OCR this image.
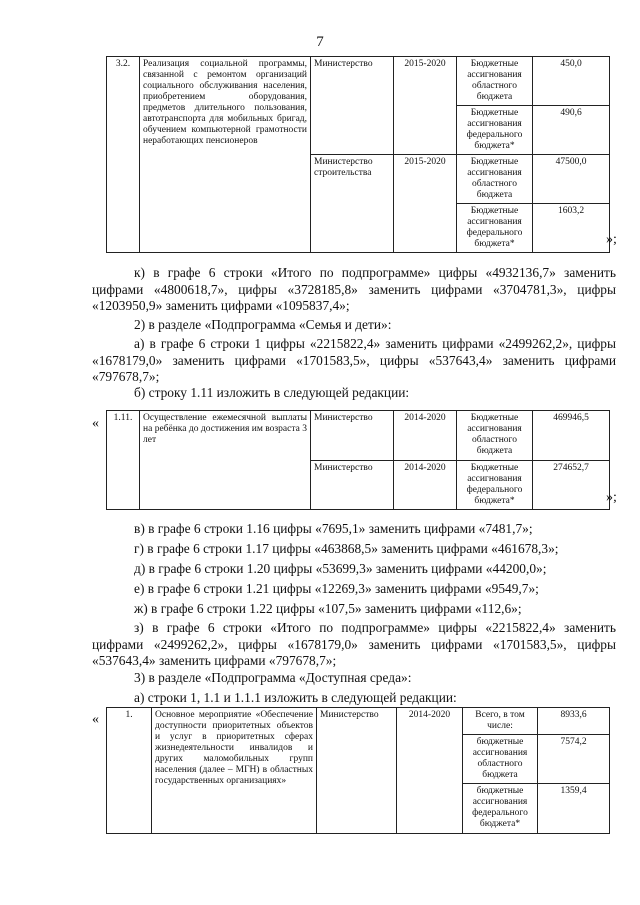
7
3.2.	Реализация социальной программы, связанной с ремонтом организаций социального обслуживания населения, приобретением оборудования, предметов длительного пользования, автотранспорта для мобильных бригад, обучением компьютерной грамотности неработающих пенсионеров	Министерство	2015-2020	Бюджетные ассигнования областного бюджета	450,0
				Бюджетные ассигнования федерального бюджета*	490,6
		Министерство строительства	2015-2020	Бюджетные ассигнования областного бюджета	47500,0
				Бюджетные ассигнования федерального бюджета*	1603,2
»;

к) в графе 6 строки «Итого по подпрограмме» цифры «4932136,7» заменить цифрами «4800618,7», цифры «3728185,8» заменить цифрами «3704781,3», цифры «1203950,9» заменить цифрами «1095837,4»;

2) в разделе «Подпрограмма «Семья и дети»:

а) в графе 6 строки 1 цифры «2215822,4» заменить цифрами «2499262,2», цифры «1678179,0» заменить цифрами «1701583,5», цифры «537643,4» заменить цифрами «797678,7»;

б) строку 1.11 изложить в следующей редакции:
« 1.11.	Осуществление ежемесячной выплаты на ребёнка до достижения им возраста 3 лет	Министерство	2014-2020	Бюджетные ассигнования областного бюджета	469946,5
		Министерство	2014-2020	Бюджетные ассигнования федерального бюджета*	274652,7
»;
в) в графе 6 строки 1.16 цифры «7695,1» заменить цифрами «7481,7»;
г) в графе 6 строки 1.17 цифры «463868,5» заменить цифрами «461678,3»;
д) в графе 6 строки 1.20 цифры «53699,3» заменить цифрами «44200,0»;
е) в графе 6 строки 1.21 цифры «12269,3» заменить цифрами «9549,7»;
ж) в графе 6 строки 1.22 цифры «107,5» заменить цифрами «112,6»;

з) в графе 6 строки «Итого по подпрограмме» цифры «2215822,4» заменить цифрами «2499262,2», цифры «1678179,0» заменить цифрами «1701583,5», цифры «537643,4» заменить цифрами «797678,7»;

3) в разделе «Подпрограмма «Доступная среда»:
а) строки 1, 1.1 и 1.1.1 изложить в следующей редакции:
«	1.	Основное мероприятие «Обеспечение доступности приоритетных объектов и услуг в приоритетных сферах жизнедеятельности инвалидов и других маломобильных групп населения (далее – МГН) в областных государственных организациях»	Министерство	2014-2020	Всего, в том числе:	8933,6
				бюджетные ассигнования областного бюджета	7574,2
				бюджетные ассигнования федерального бюджета*	1359,4
